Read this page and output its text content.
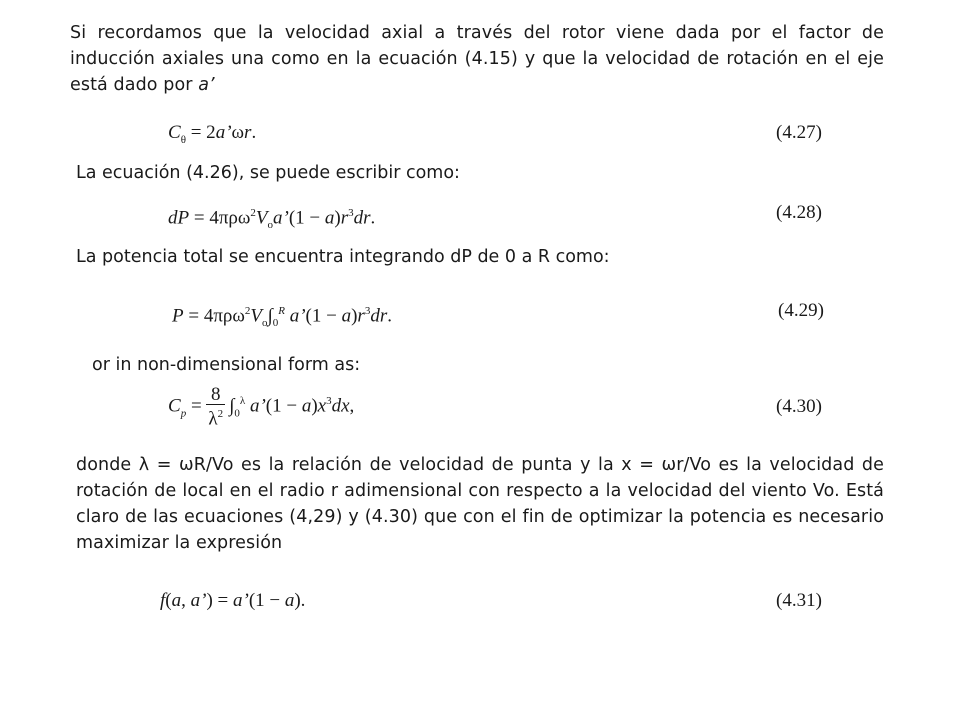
Si recordamos que la velocidad axial a través del rotor viene dada por el factor de inducción axiales una como en la ecuación (4.15) y que la velocidad de rotación en el eje está dado por a’

$C_\theta$ = 2a’ωr.	(4.27)

La ecuación (4.26), se puede escribir como:

dP = $4\pi\rho\omega^2V_oa’(1 - a)r^3dr$.	(4.28)

La potencia total se encuentra integrando dP de 0 a R como:

$P = 4\pi\rho\omega^2V_o\int_0^R$ a’(1 − $a)r^3dr$.	(4.29)

or in non-dimensional form as:

$C_p = \frac{8}{\lambda^2} \int_0^\lambda$ a’(1 − $a)x^3dx$,	(4.30)

donde λ = ωR/Vo es la relación de velocidad de punta y la x = ωr/Vo es la velocidad de rotación de local en el radio r adimensional con respecto a la velocidad del viento Vo. Está claro de las ecuaciones (4,29) y (4.30) que con el fin de optimizar la potencia es necesario maximizar la expresión

f(a, a’) = a’(1 − a).	(4.31)
